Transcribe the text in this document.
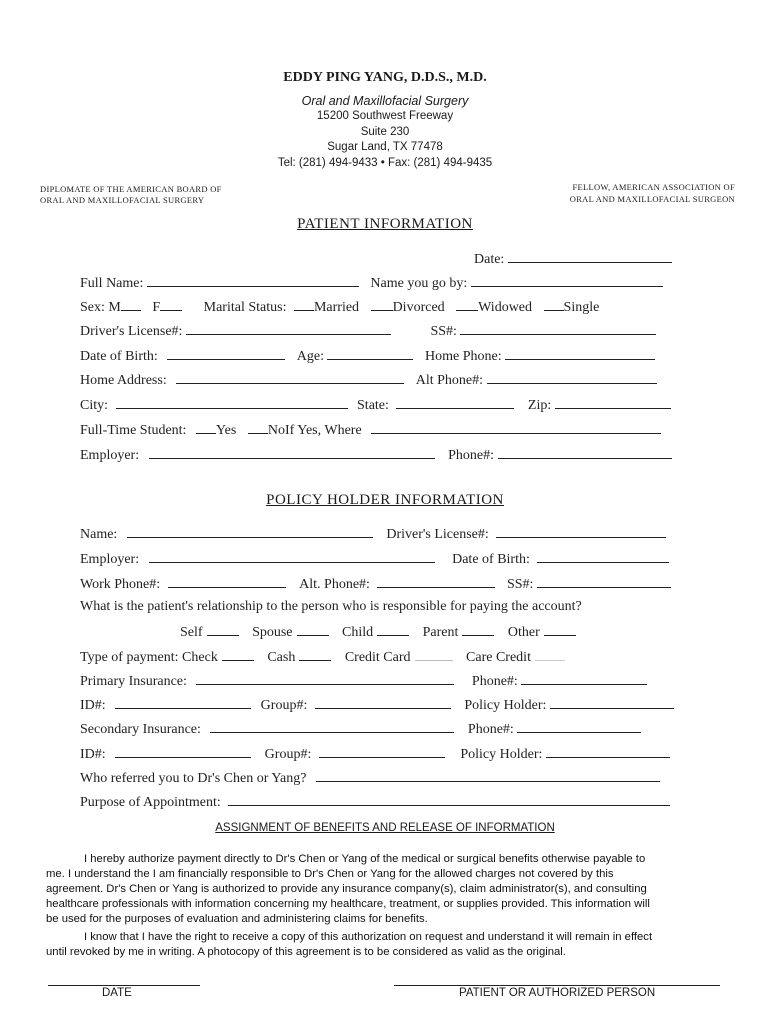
EDDY PING YANG, D.D.S., M.D.
Oral and Maxillofacial Surgery
15200 Southwest Freeway
Suite 230
Sugar Land, TX 77478
Tel: (281) 494-9433 • Fax: (281) 494-9435
DIPLOMATE OF THE AMERICAN BOARD OF
ORAL AND MAXILLOFACIAL SURGERY
FELLOW, AMERICAN ASSOCIATION OF
ORAL AND MAXILLOFACIAL SURGEON
PATIENT INFORMATION
Date:
Full Name:	Name you go by:
Sex: M F	Marital Status: Married Divorced Widowed Single
Driver's License#:	SS#:
Date of Birth:	Age:	Home Phone:
Home Address:	Alt Phone#:
City:	State:	Zip:
Full-Time Student: Yes NoIf Yes, Where
Employer:	Phone#:
POLICY HOLDER INFORMATION
Name:	Driver's License#:
Employer:	Date of Birth:
Work Phone#:	Alt. Phone#:	SS#:
What is the patient's relationship to the person who is responsible for paying the account?
Self	Spouse	Child	Parent	Other
Type of payment: Check	Cash	Credit Card	Care Credit
Primary Insurance:	Phone#:
ID#:	Group#:	Policy Holder:
Secondary Insurance:	Phone#:
ID#:	Group#:	Policy Holder:
Who referred you to Dr's Chen or Yang?
Purpose of Appointment:
ASSIGNMENT OF BENEFITS AND RELEASE OF INFORMATION
I hereby authorize payment directly to Dr's Chen or Yang of the medical or surgical benefits otherwise payable to
me. I understand the I am financially responsible to Dr's Chen or Yang for the allowed charges not covered by this
agreement. Dr's Chen or Yang is authorized to provide any insurance company(s), claim administrator(s), and consulting
healthcare professionals with information concerning my healthcare, treatment, or supplies provided. This information will
be used for the purposes of evaluation and administering claims for benefits.
I know that I have the right to receive a copy of this authorization on request and understand it will remain in effect
until revoked by me in writing. A photocopy of this agreement is to be considered as valid as the original.
DATE	PATIENT OR AUTHORIZED PERSON
